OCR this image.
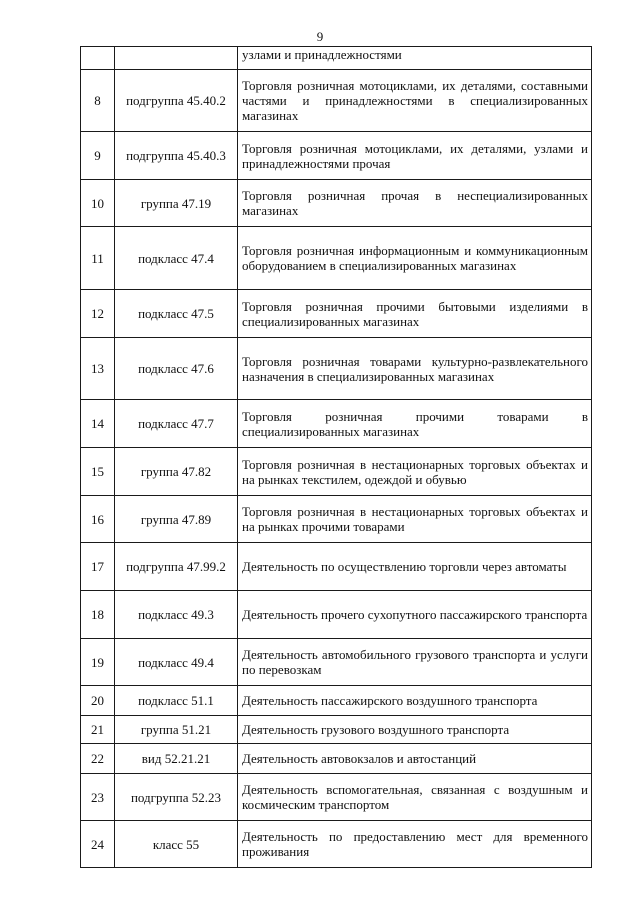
9
		узлами и принадлежностями
8	подгруппа 45.40.2	Торговля розничная мотоциклами, их деталями, составными частями и принадлежностями в специализированных магазинах
9	подгруппа 45.40.3	Торговля розничная мотоциклами, их деталями, узлами и принадлежностями прочая
10	группа 47.19	Торговля розничная прочая в неспециализированных магазинах
11	подкласс 47.4	Торговля розничная информационным и коммуникационным оборудованием в специализированных магазинах
12	подкласс 47.5	Торговля розничная прочими бытовыми изделиями в специализированных магазинах
13	подкласс 47.6	Торговля розничная товарами культурно-развлекательного назначения в специализированных магазинах
14	подкласс 47.7	Торговля розничная прочими товарами в специализированных магазинах
15	группа 47.82	Торговля розничная в нестационарных торговых объектах и на рынках текстилем, одеждой и обувью
16	группа 47.89	Торговля розничная в нестационарных торговых объектах и на рынках прочими товарами
17	подгруппа 47.99.2	Деятельность по осуществлению торговли через автоматы
18	подкласс 49.3	Деятельность прочего сухопутного пассажирского транспорта
19	подкласс 49.4	Деятельность автомобильного грузового транспорта и услуги по перевозкам
20	подкласс 51.1	Деятельность пассажирского воздушного транспорта
21	группа 51.21	Деятельность грузового воздушного транспорта
22	вид 52.21.21	Деятельность автовокзалов и автостанций
23	подгруппа 52.23	Деятельность вспомогательная, связанная с воздушным и космическим транспортом
24	класс 55	Деятельность по предоставлению мест для временного проживания
